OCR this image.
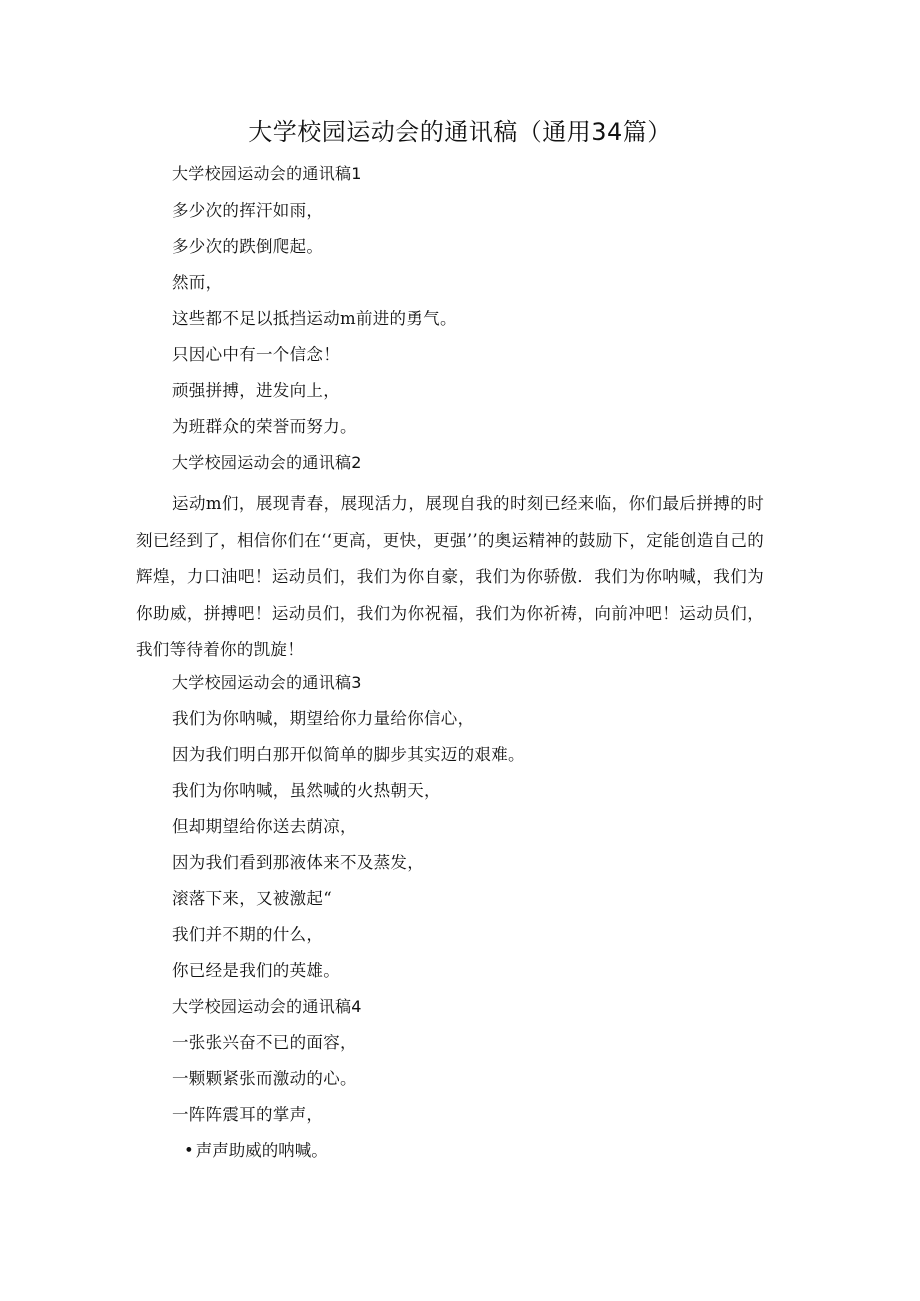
大学校园运动会的通讯稿（通用34篇）
大学校园运动会的通讯稿1
多少次的挥汗如雨，
多少次的跌倒爬起。
然而，
这些都不足以抵挡运动m前进的勇气。
只因心中有一个信念！
顽强拼搏，进发向上，
为班群众的荣誉而努力。
大学校园运动会的通讯稿2
运动m们，展现青春，展现活力，展现自我的时刻已经来临，你们最后拼搏的时刻已经到了，相信你们在‘‘更高，更快，更强’’的奥运精神的鼓励下，定能创造自己的辉煌，力口油吧！运动员们，我们为你自豪，我们为你骄傲．我们为你呐喊，我们为你助威，拼搏吧！运动员们，我们为你祝福，我们为你祈祷，向前冲吧！运动员们，我们等待着你的凯旋！
大学校园运动会的通讯稿3
我们为你呐喊，期望给你力量给你信心，
因为我们明白那开似简单的脚步其实迈的艰难。
我们为你呐喊，虽然喊的火热朝天，
但却期望给你送去荫凉，
因为我们看到那液体来不及蒸发，
滚落下来，又被激起“
我们并不期的什么，
你已经是我们的英雄。
大学校园运动会的通讯稿4
一张张兴奋不已的面容，
一颗颗紧张而激动的心。
一阵阵震耳的掌声，
• 声声助威的呐喊。
